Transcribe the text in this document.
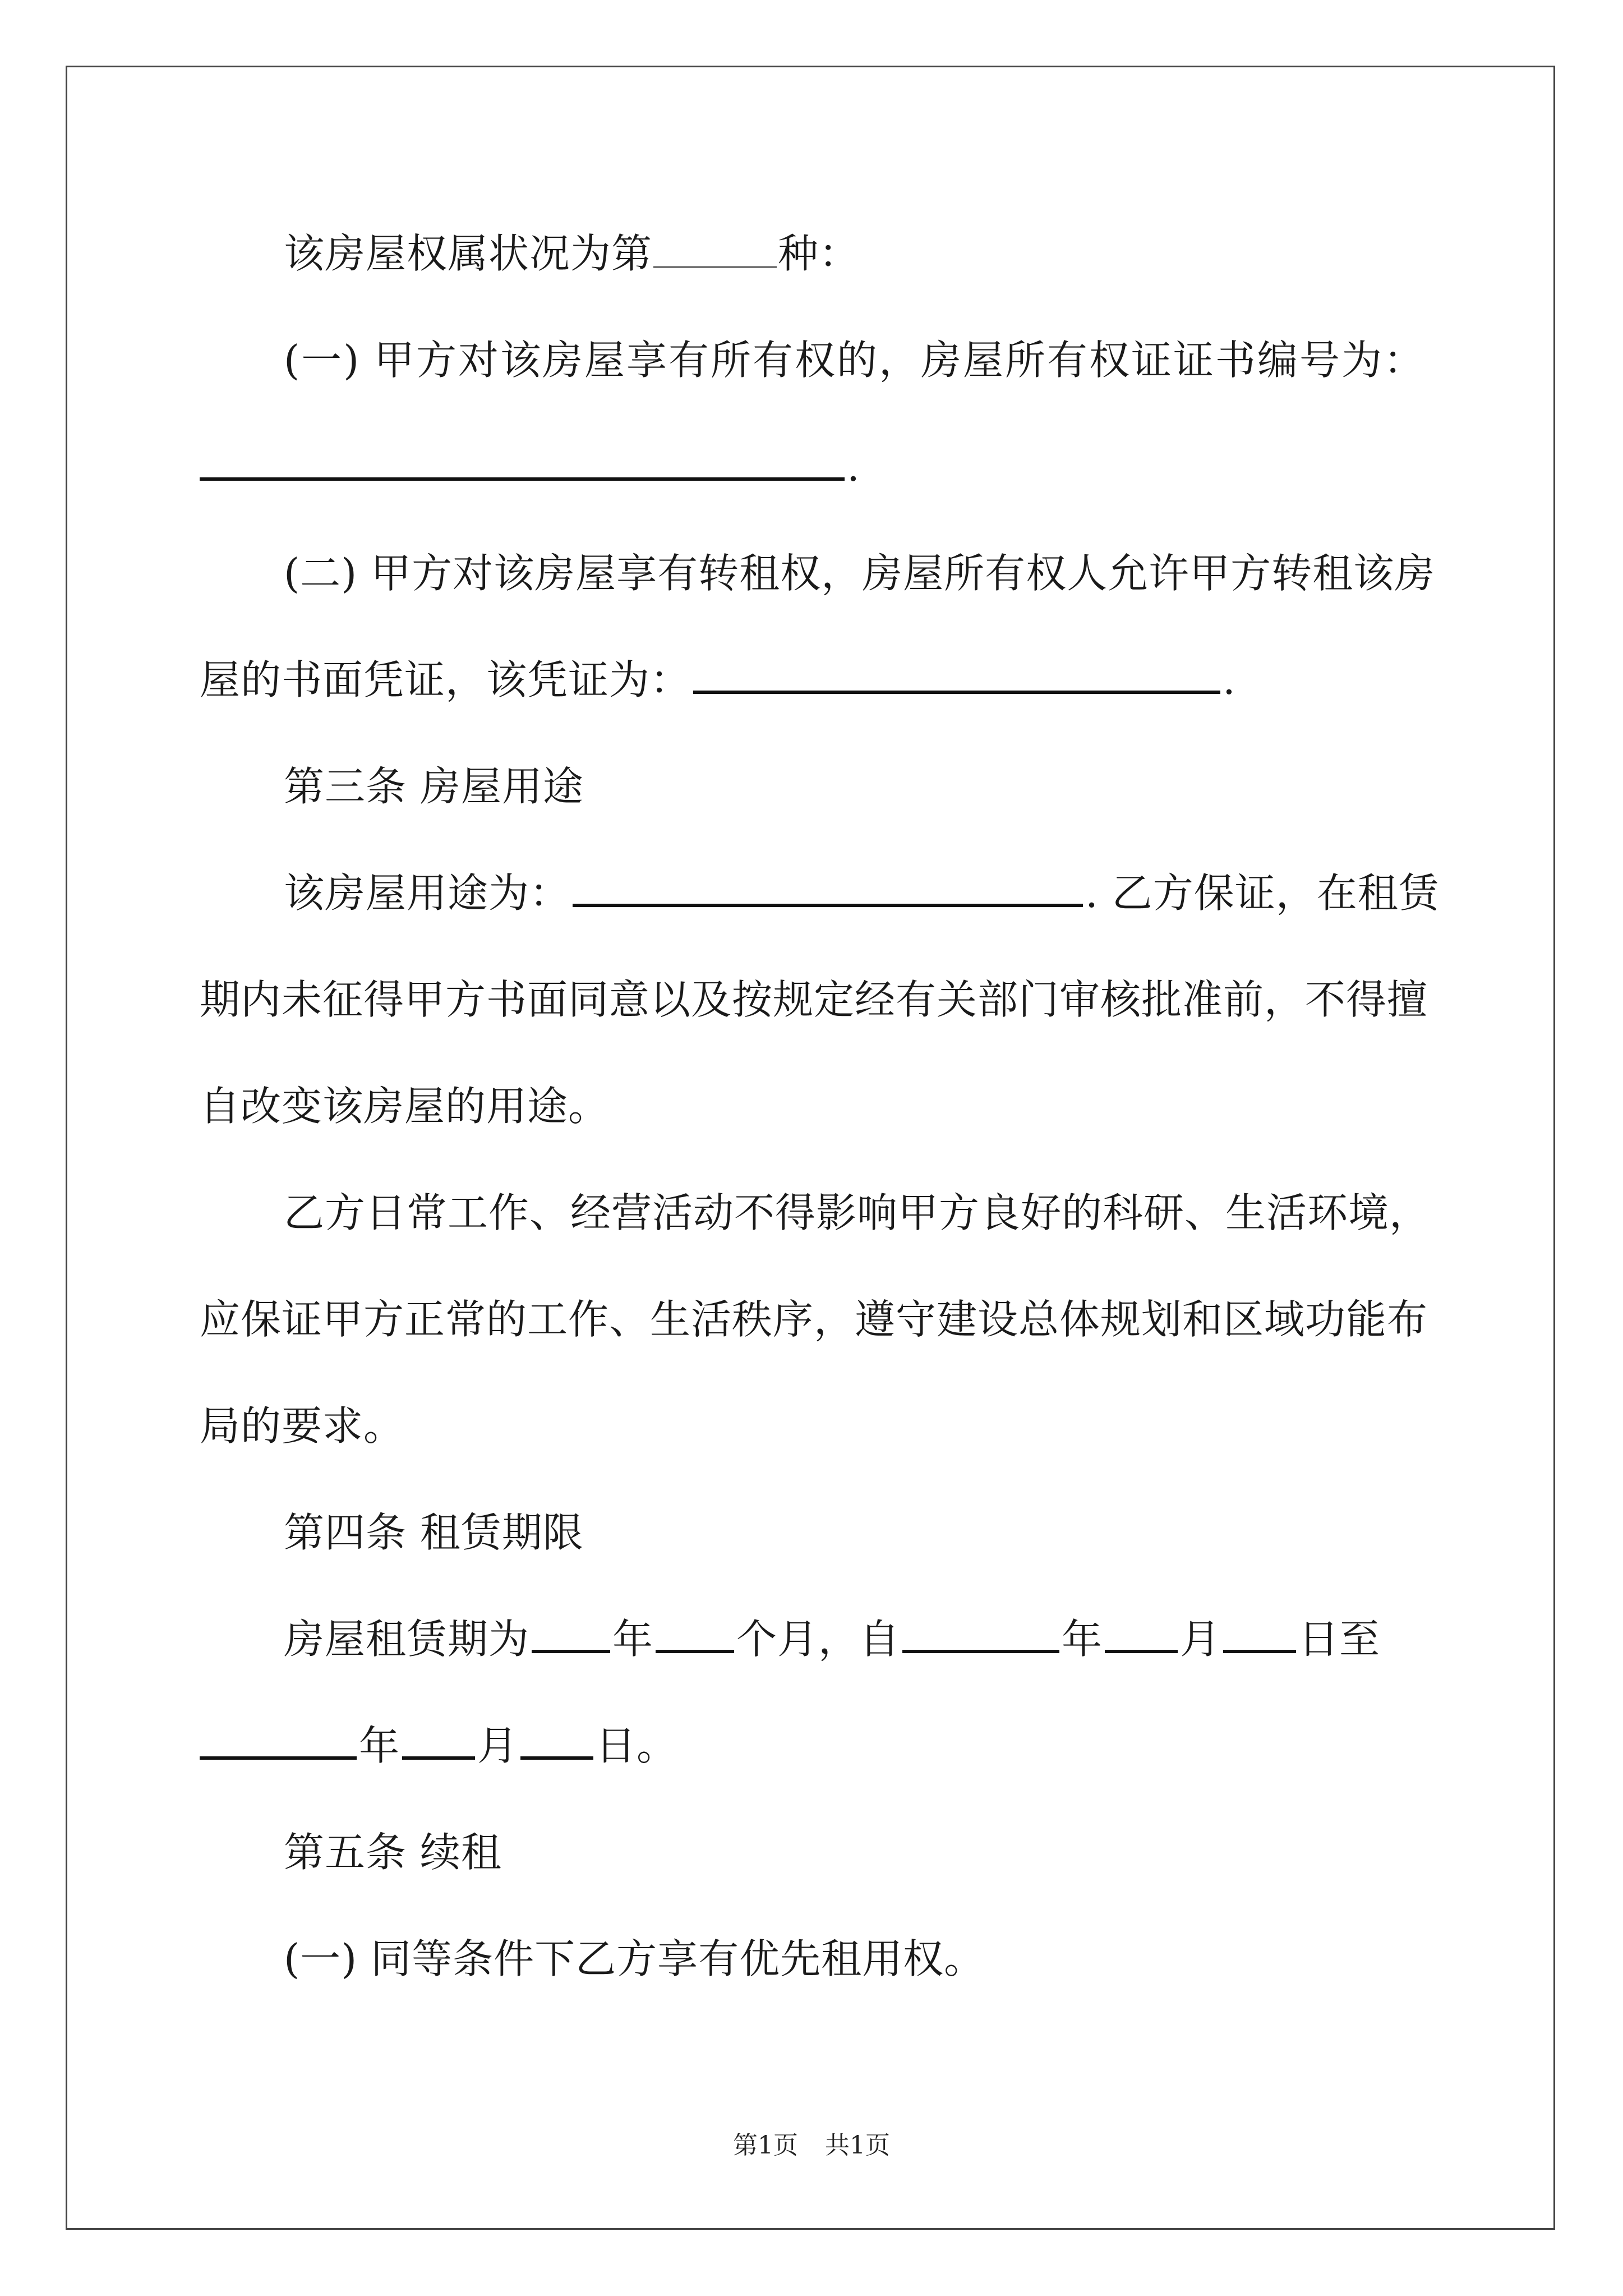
该房屋权属状况为第	种：
(一) 甲方对该房屋享有所有权的，房屋所有权证证书编号为：
.
(二) 甲方对该房屋享有转租权，房屋所有权人允许甲方转租该房
屋的书面凭证，该凭证为：	.
第三条 房屋用途
该房屋用途为：	. 乙方保证，在租赁
期内未征得甲方书面同意以及按规定经有关部门审核批准前，不得擅
自改变该房屋的用途。
乙方日常工作、经营活动不得影响甲方良好的科研、生活环境，
应保证甲方正常的工作、生活秩序，遵守建设总体规划和区域功能布
局的要求。
第四条 租赁期限
房屋租赁期为 年 个月，自	年 月 日至
年 月 日。
第五条 续租
(一) 同等条件下乙方享有优先租用权。
第1页 共1页
